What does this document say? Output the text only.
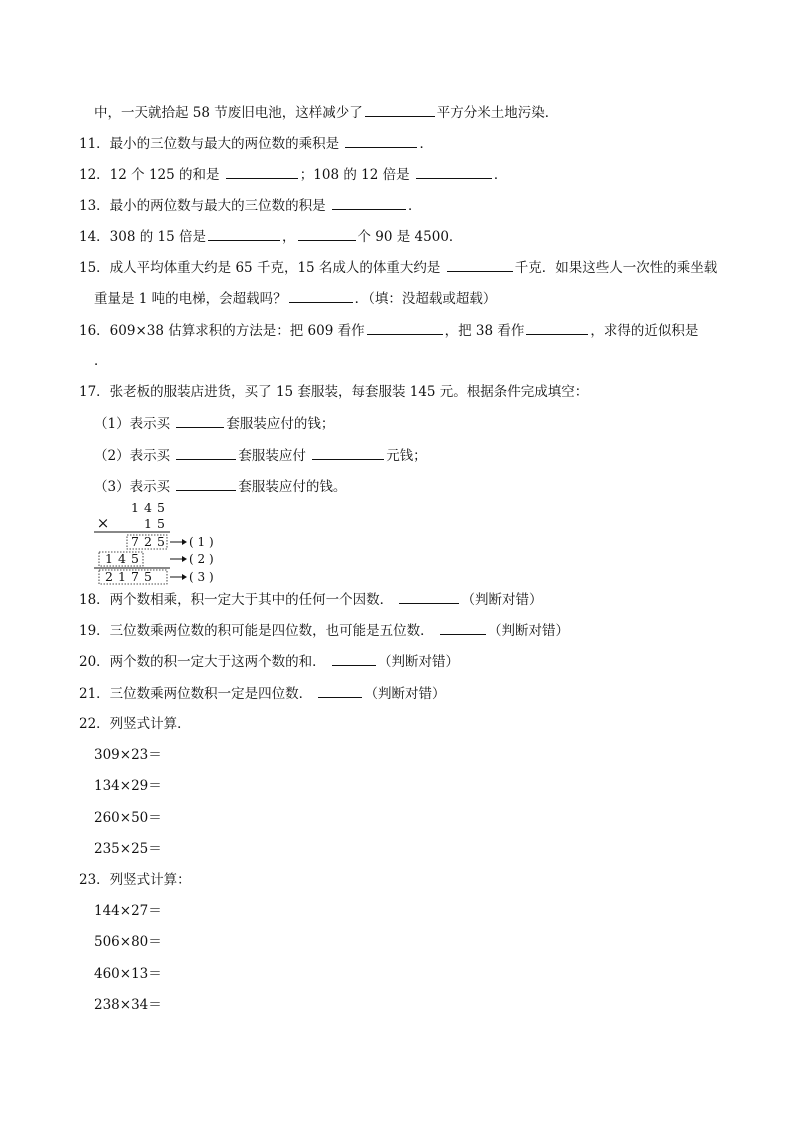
中，一天就拾起 58 节废旧电池，这样减少了	平方分米土地污染．
11．最小的三位数与最大的两位数的乘积是	．
12．12 个 125 的和是	；108 的 12 倍是	．
13．最小的两位数与最大的三位数的积是	．
14．308 的 15 倍是	，	个 90 是 4500．
15．成人平均体重大约是 65 千克，15 名成人的体重大约是	千克．如果这些人一次性的乘坐载
重量是 1 吨的电梯，会超载吗？	．（填：没超载或超载）
16．609×38 估算求积的方法是：把 609 看作	，把 38 看作	，求得的近似积是
．
17．张老板的服装店进货，买了 15 套服装，每套服装 145 元。根据条件完成填空：
（1）表示买	套服装应付的钱；
（2）表示买	套服装应付	元钱；
（3）表示买	套服装应付的钱。
1 4 5
×	1 5
7 2 5 ( 1 )
1 4 5	( 2 )
2 1 7 5	( 3 )
18．两个数相乘，积一定大于其中的任何一个因数．	（判断对错）
19．三位数乘两位数的积可能是四位数，也可能是五位数．	（判断对错）
20．两个数的积一定大于这两个数的和．	（判断对错）
21．三位数乘两位数积一定是四位数．	（判断对错）
22．列竖式计算．
309×23＝
134×29＝
260×50＝
235×25＝
23．列竖式计算：
144×27＝
506×80＝
460×13＝
238×34＝
